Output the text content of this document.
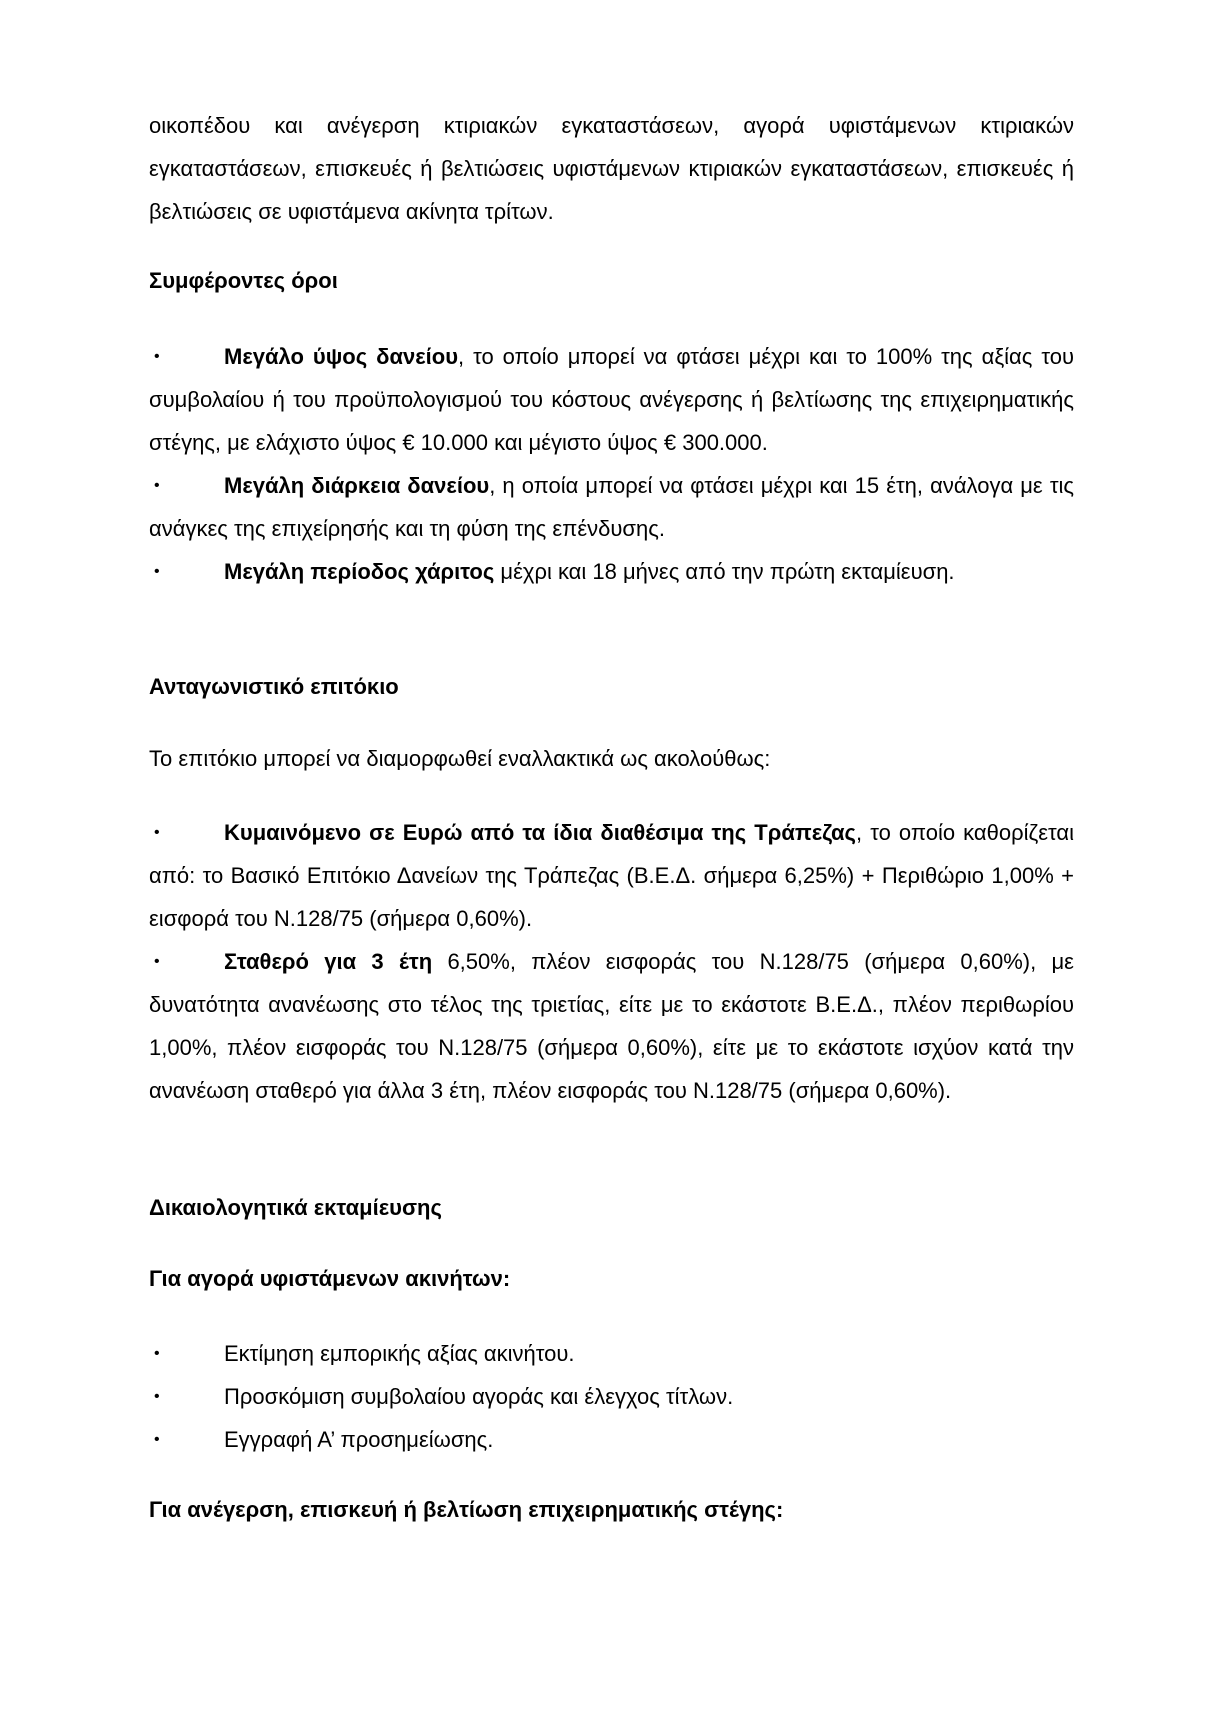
οικοπέδου και ανέγερση κτιριακών εγκαταστάσεων, αγορά υφιστάμενων κτιριακών εγκαταστάσεων, επισκευές ή βελτιώσεις υφιστάμενων κτιριακών εγκαταστάσεων, επισκευές ή βελτιώσεις σε υφιστάμενα ακίνητα τρίτων.

Συμφέροντες όροι

•	Μεγάλο ύψος δανείου, το οποίο μπορεί να φτάσει μέχρι και το 100% της αξίας του συμβολαίου ή του προϋπολογισμού του κόστους ανέγερσης ή βελτίωσης της επιχειρηματικής στέγης, με ελάχιστο ύψος € 10.000 και μέγιστο ύψος € 300.000.
•	Μεγάλη διάρκεια δανείου, η οποία μπορεί να φτάσει μέχρι και 15 έτη, ανάλογα με τις ανάγκες της επιχείρησής και τη φύση της επένδυσης.
•	Μεγάλη περίοδος χάριτος μέχρι και 18 μήνες από την πρώτη εκταμίευση.

Ανταγωνιστικό επιτόκιο

Το επιτόκιο μπορεί να διαμορφωθεί εναλλακτικά ως ακολούθως:

•	Κυμαινόμενο σε Ευρώ από τα ίδια διαθέσιμα της Τράπεζας, το οποίο καθορίζεται από: το Βασικό Επιτόκιο Δανείων της Τράπεζας (Β.Ε.Δ. σήμερα 6,25%) + Περιθώριο 1,00% + εισφορά του Ν.128/75 (σήμερα 0,60%).
•	Σταθερό για 3 έτη 6,50%, πλέον εισφοράς του Ν.128/75 (σήμερα 0,60%), με δυνατότητα ανανέωσης στο τέλος της τριετίας, είτε με το εκάστοτε Β.Ε.Δ., πλέον περιθωρίου 1,00%, πλέον εισφοράς του Ν.128/75 (σήμερα 0,60%), είτε με το εκάστοτε ισχύον κατά την ανανέωση σταθερό για άλλα 3 έτη, πλέον εισφοράς του Ν.128/75 (σήμερα 0,60%).

Δικαιολογητικά εκταμίευσης

Για αγορά υφιστάμενων ακινήτων:

•	Εκτίμηση εμπορικής αξίας ακινήτου.
•	Προσκόμιση συμβολαίου αγοράς και έλεγχος τίτλων.
•	Εγγραφή Α’ προσημείωσης.

Για ανέγερση, επισκευή ή βελτίωση επιχειρηματικής στέγης:
